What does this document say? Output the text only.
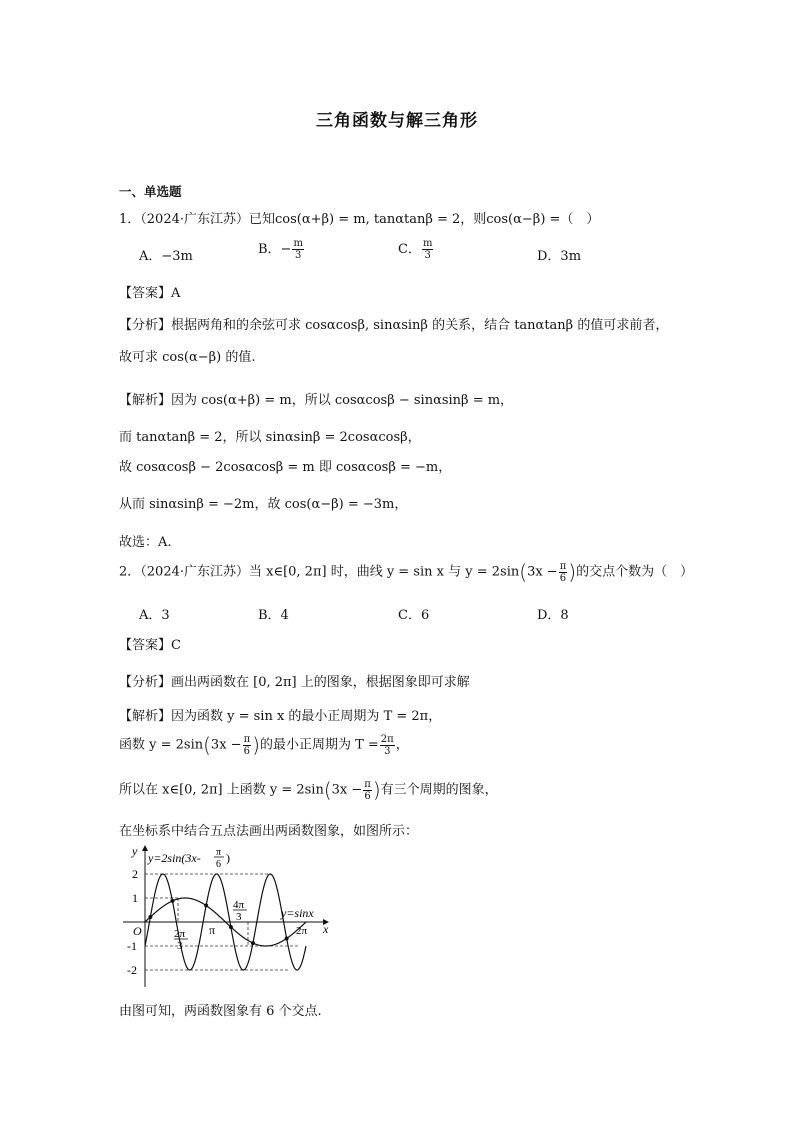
三角函数与解三角形
一、单选题
1．（2024·广东江苏）已知cos(α+β) = m, tanαtanβ = 2，则cos(α−β) =（　）
A．−3m	B．− $\frac{m}{3}$	C． $\frac{m}{3}$	D．3m
【答案】A
【分析】根据两角和的余弦可求 cosαcosβ, sinαsinβ 的关系，结合 tanαtanβ 的值可求前者，
故可求 cos(α−β) 的值.
【解析】因为 cos(α+β) = m，所以 cosαcosβ − sinαsinβ = m，
而 tanαtanβ = 2，所以 sinαsinβ = 2cosαcosβ，
故 cosαcosβ − 2cosαcosβ = m 即 cosαcosβ = −m，
从而 sinαsinβ = −2m，故 cos(α−β) = −3m，
故选：A.
2．（2024·广东江苏）当 x∈[0, 2π] 时，曲线 y = sin x 与 $y = 2\sin(3x - \frac{\pi}{6}$ )的交点个数为（　）
A．3	B．4	C．6	D．8
【答案】C
【分析】画出两函数在 [0, 2π] 上的图象，根据图象即可求解
【解析】因为函数 y = sin x 的最小正周期为 T = 2π，
函数 $y = 2\sin(3x - \frac{\pi}{6}$ )的最小正周期为 $T = \frac{2\pi}{3}$ ，
所以在 x∈[0, 2π] 上函数 $y = 2\sin(3x - \frac{\pi}{6}$ )有三个周期的图象，
在坐标系中结合五点法画出两函数图象，如图所示：
y
x
O
2
1
-1
-2
y=2sin(3x- π
6 )
y=sinx
2π
3
π
4π
3
2π
由图可知，两函数图象有 6 个交点.
